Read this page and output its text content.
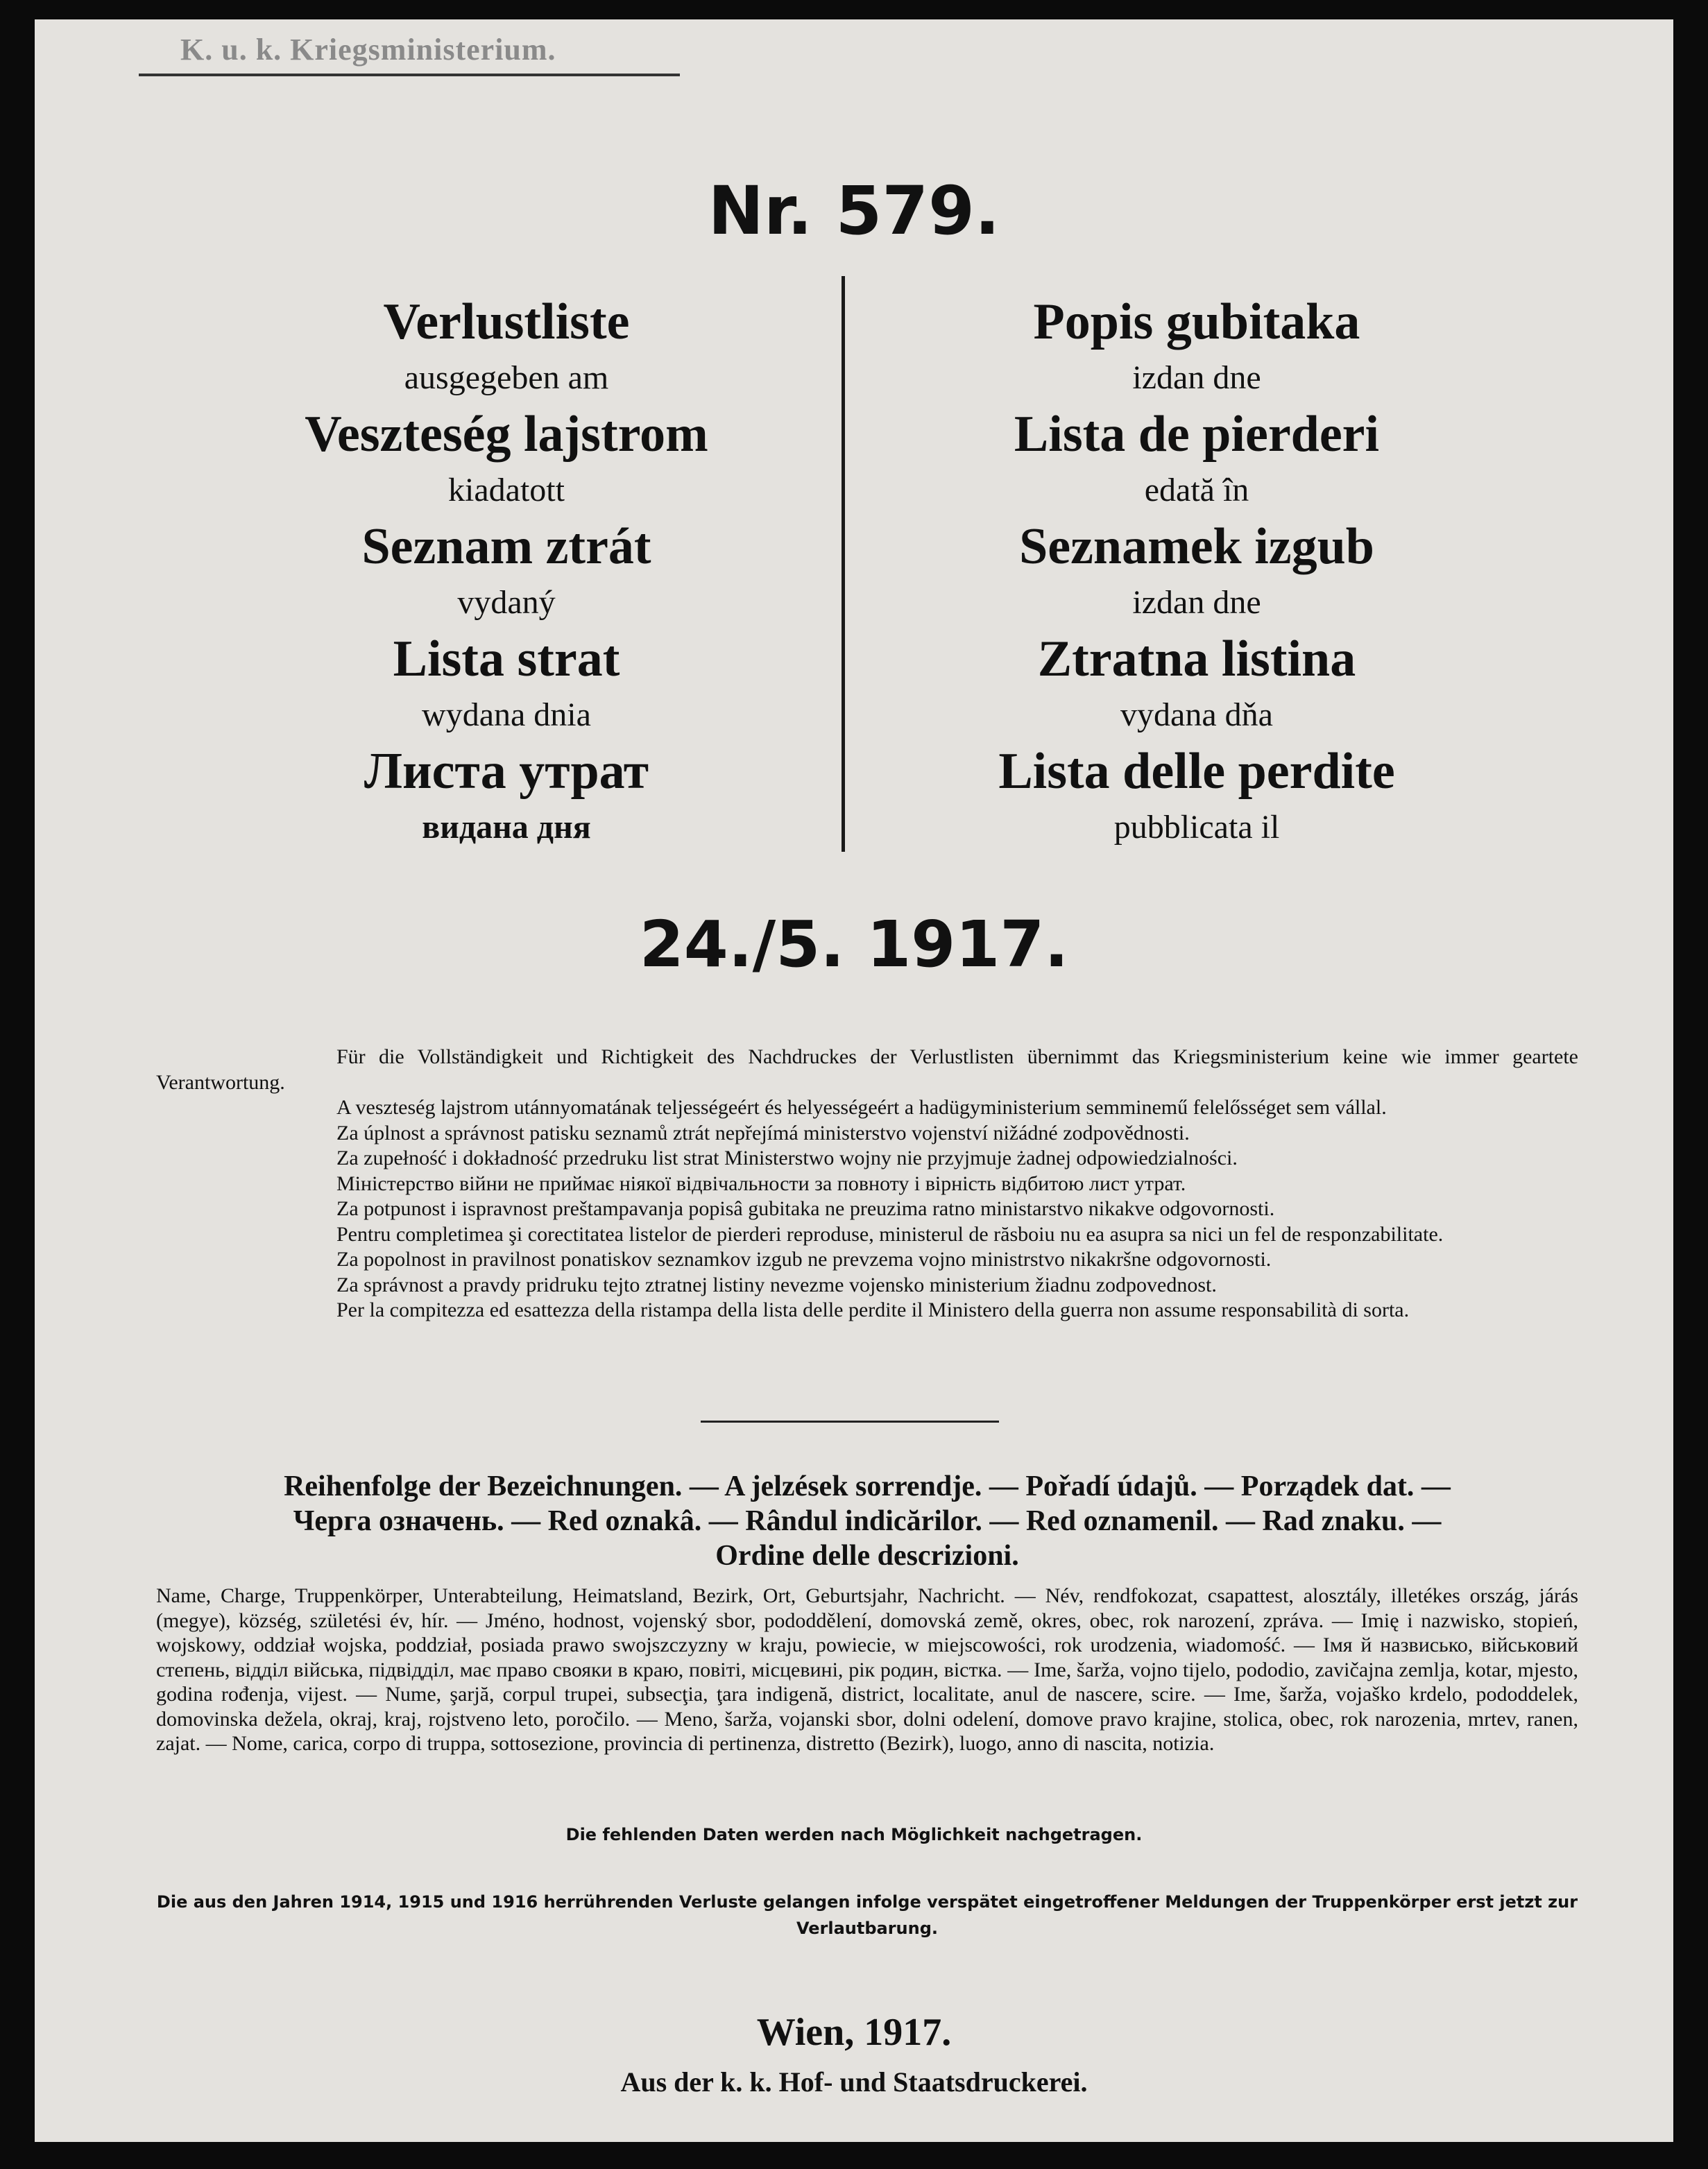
K. u. k. Kriegsministerium.
Nr. 579.
Verlustliste
ausgegeben am
Veszteség lajstrom
kiadatott
Seznam ztrát
vydaný
Lista strat
wydana dnia
Листа утрат
видана дня
Popis gubitaka
izdan dne
Lista de pierderi
edată în
Seznamek izgub
izdan dne
Ztratna listina
vydana dňa
Lista delle perdite
pubblicata il
24./5. 1917.

Für die Vollständigkeit und Richtigkeit des Nachdruckes der Verlustlisten übernimmt das Kriegsministerium keine wie immer geartete Verantwortung.

A veszteség lajstrom utánnyomatának teljességeért és helyességeért a hadügyministerium semminemű felelősséget sem vállal.

Za úplnost a správnost patisku seznamů ztrát nepřejímá ministerstvo vojenství nižádné zodpovědnosti.

Za zupełność i dokładność przedruku list strat Ministerstwo wojny nie przyjmuje żadnej odpowiedzialności.

Міністерство війни не приймає ніякої відвічальности за повноту і вірність відбитою лист утрат.

Za potpunost i ispravnost preštampavanja popisâ gubitaka ne preuzima ratno ministarstvo nikakve odgovornosti.

Pentru completimea şi corectitatea listelor de pierderi reproduse, ministerul de răsboiu nu ea asupra sa nici un fel de responzabilitate.

Za popolnost in pravilnost ponatiskov seznamkov izgub ne prevzema vojno ministrstvo nikakršne odgovornosti.

Za správnost a pravdy pridruku tejto ztratnej listiny nevezme vojensko ministerium žiadnu zodpovednost.

Per la compitezza ed esattezza della ristampa della lista delle perdite il Ministero della guerra non assume responsabilità di sorta.

Reihenfolge der Bezeichnungen. — A jelzések sorrendje. — Pořadí údajů. — Porządek dat. —
Черга означень. — Red oznakâ. — Rândul indicărilor. — Red oznamenil. — Rad znaku. —
Ordine delle descrizioni.
Name, Charge, Truppenkörper, Unterabteilung, Heimatsland, Bezirk, Ort, Geburtsjahr, Nachricht. — Név, rendfokozat, csapattest, alosztály, illetékes ország, járás (megye), község, születési év, hír. — Jméno, hodnost, vojenský sbor, pododdělení, domovská země, okres, obec, rok narození, zpráva. — Imię i nazwisko, stopień, wojskowy, oddział wojska, poddział, posiada prawo swojszczyzny w kraju, powiecie, w miejscowości, rok urodzenia, wiadomość. — Імя й назвисько, військовий степень, відділ війська, підвідділ, має право свояки в краю, повіті, місцевині, рік родин, вістка. — Ime, šarža, vojno tijelo, pododio, zavičajna zemlja, kotar, mjesto, godina rođenja, vijest. — Nume, şarjă, corpul trupei, subsecţia, ţara indigenă, district, localitate, anul de nascere, scire. — Ime, šarža, vojaško krdelo, pododdelek, domovinska dežela, okraj, kraj, rojstveno leto, poročilo. — Meno, šarža, vojanski sbor, dolni odelení, domove pravo krajine, stolica, obec, rok narozenia, mrtev, ranen, zajat. — Nome, carica, corpo di truppa, sottosezione, provincia di pertinenza, distretto (Bezirk), luogo, anno di nascita, notizia.
Die fehlenden Daten werden nach Möglichkeit nachgetragen.
Die aus den Jahren 1914, 1915 und 1916 herrührenden Verluste gelangen infolge verspätet eingetroffener Meldungen der Truppenkörper erst jetzt zur Verlautbarung.
Wien, 1917.
Aus der k. k. Hof- und Staatsdruckerei.
